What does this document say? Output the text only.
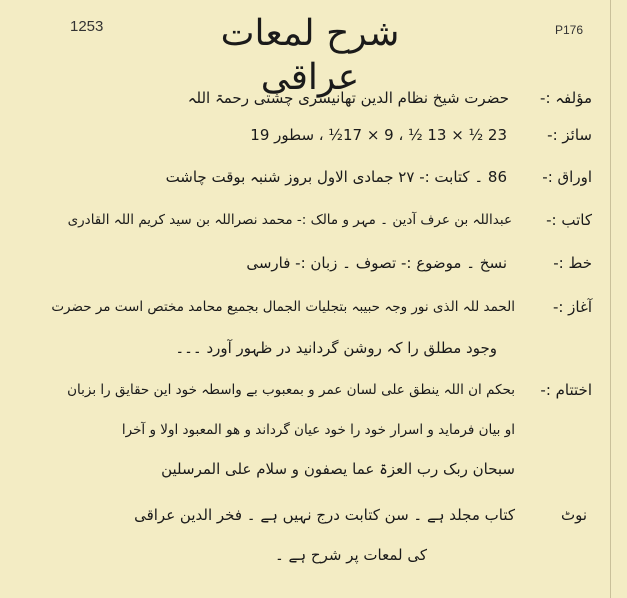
1253	P176
شرح لمعات عراقی	مؤلفہ :-
حضرت شیخ نظام الدین تھانیسری چشتی رحمۃ اللہ
سائز :-
23 ½ × 13 ½ ، 9 × 17½ ، سطور 19
اوراق :-
86 ۔ کتابت :- ۲۷ جمادی الاول بروز شنبہ بوقت چاشت
کاتب :-
عبداللہ بن عرف آدین ۔ مہر و مالک :- محمد نصراللہ بن سید کریم اللہ القادری
خط :-
نسخ ۔ موضوع :- تصوف ۔ زبان :- فارسی
آغاز :-
الحمد للہ الذی نور وجہ حبیبہ بتجلیات الجمال بجمیع محامد مختص است مر حضرت
وجود مطلق را کہ روشن گردانید در ظہور آورد ۔۔۔
اختتام :-
بحکم ان اللہ ینطق علی لسان عمر و بمعبوب بے واسطہ خود این حقایق را بزبان
او بیان فرماید و اسرار خود را خود عیان گرداند و ھو المعبود اولا و آخرا
سبحان ربک رب العزۃ عما یصفون و سلام علی المرسلین
نوٹ
کتاب مجلد ہے ۔ سن کتابت درج نہیں ہے ۔ فخر الدین عراقی
کی لمعات پر شرح ہے ۔
